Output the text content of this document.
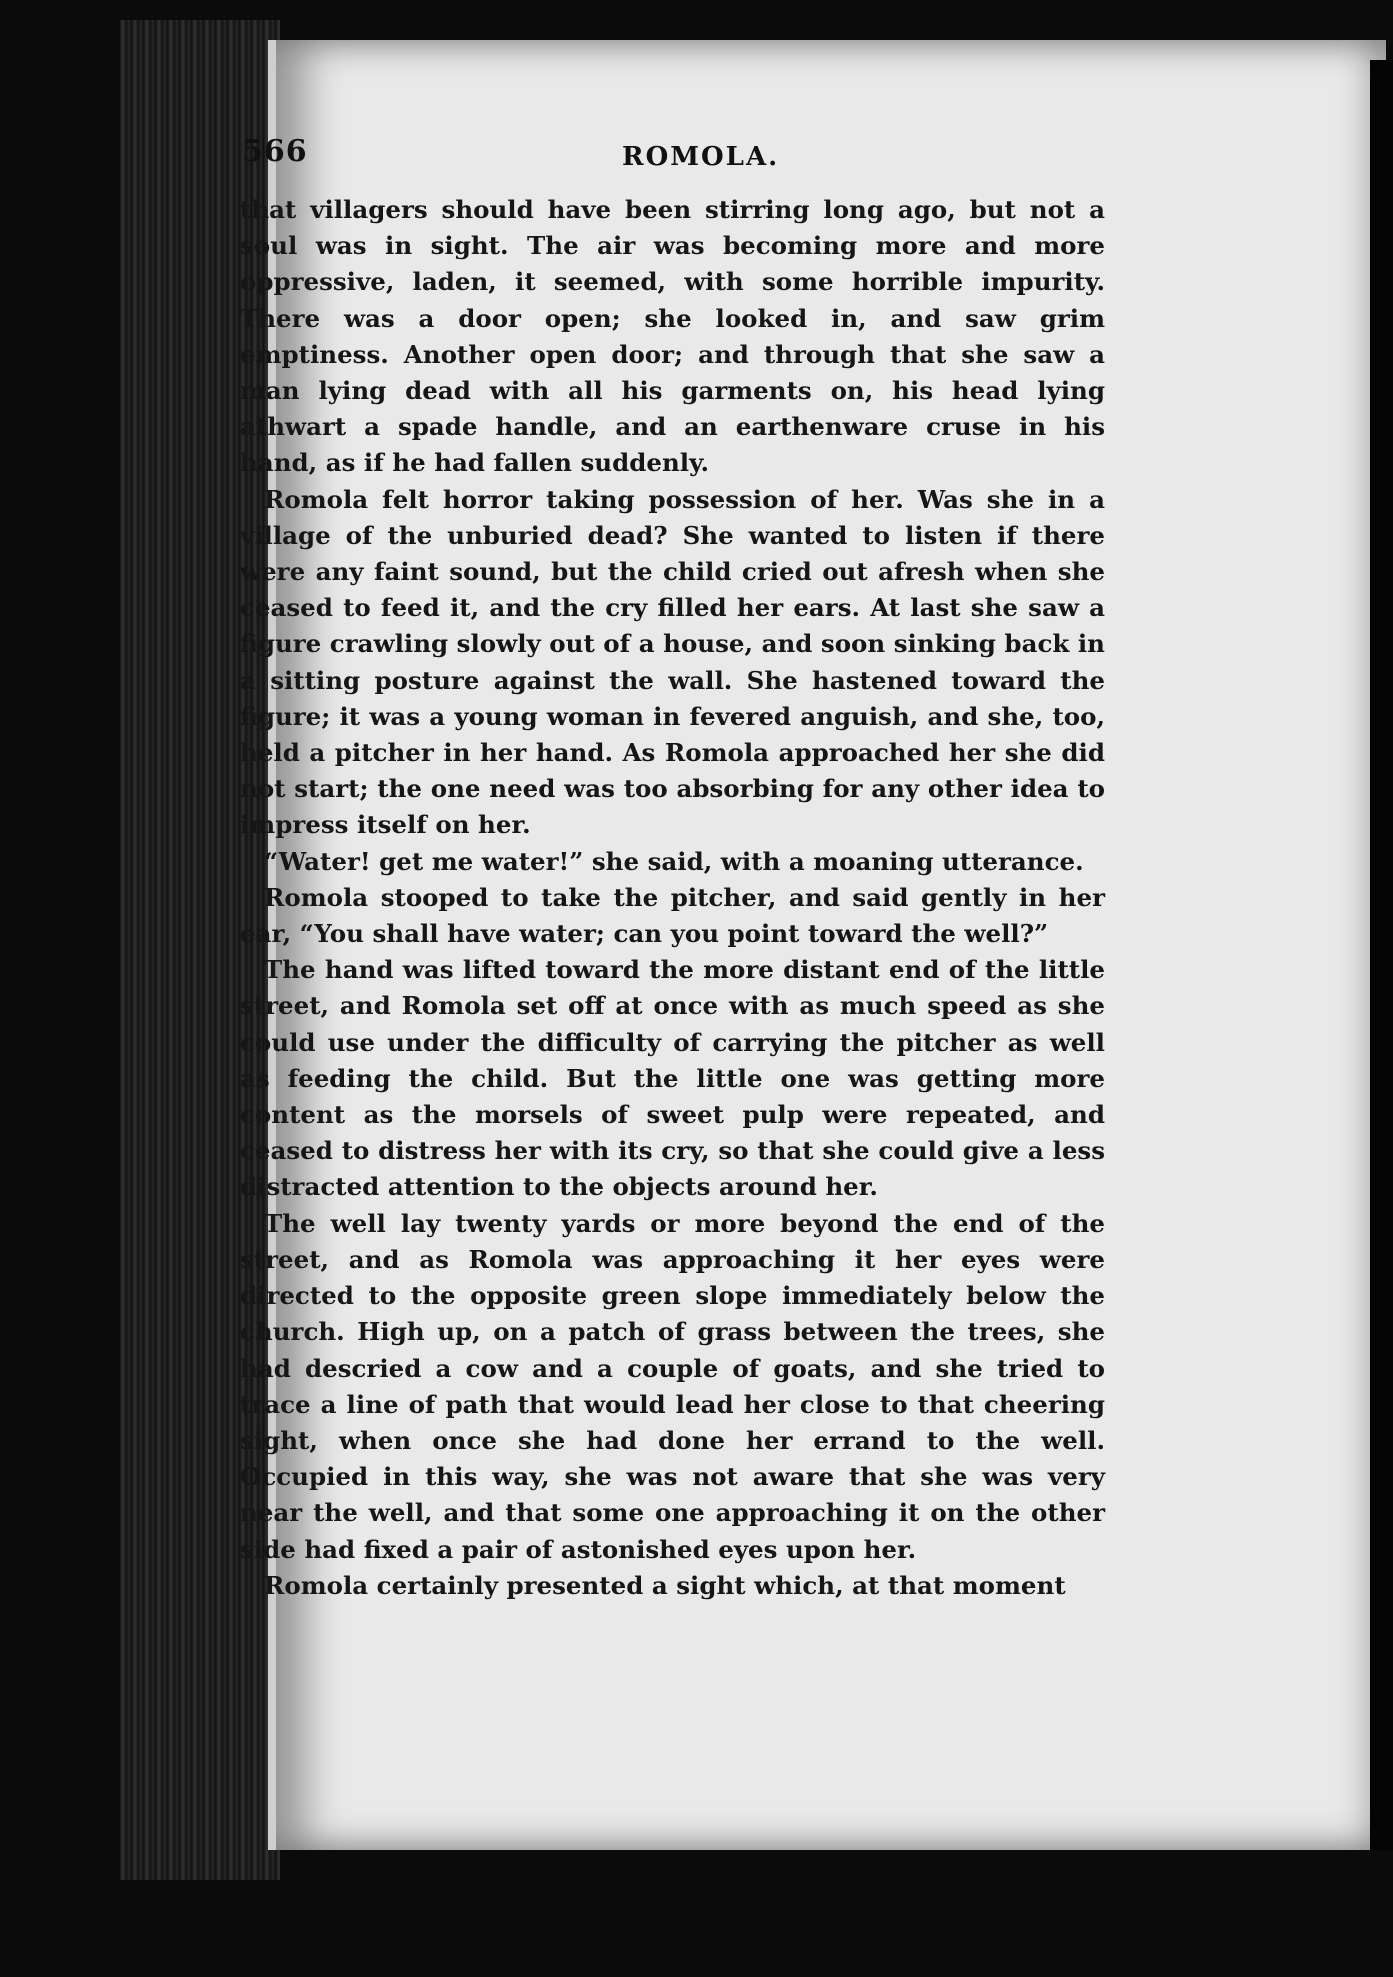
566	ROMOLA.

that villagers should have been stirring long ago, but not a soul was in sight. The air was becoming more and more oppressive, laden, it seemed, with some horrible impurity. There was a door open; she looked in, and saw grim emptiness. Another open door; and through that she saw a man lying dead with all his garments on, his head lying athwart a spade handle, and an earthenware cruse in his hand, as if he had fallen suddenly.

Romola felt horror taking possession of her. Was she in a village of the unburied dead? She wanted to listen if there were any faint sound, but the child cried out afresh when she ceased to feed it, and the cry filled her ears. At last she saw a figure crawling slowly out of a house, and soon sinking back in a sitting posture against the wall. She hastened toward the figure; it was a young woman in fevered anguish, and she, too, held a pitcher in her hand. As Romola approached her she did not start; the one need was too absorbing for any other idea to impress itself on her.

“Water! get me water!” she said, with a moaning utterance.

Romola stooped to take the pitcher, and said gently in her ear, “You shall have water; can you point toward the well?”

The hand was lifted toward the more distant end of the little street, and Romola set off at once with as much speed as she could use under the difficulty of carrying the pitcher as well as feeding the child. But the little one was getting more content as the morsels of sweet pulp were repeated, and ceased to distress her with its cry, so that she could give a less distracted attention to the objects around her.

The well lay twenty yards or more beyond the end of the street, and as Romola was approaching it her eyes were directed to the opposite green slope immediately below the church. High up, on a patch of grass between the trees, she had descried a cow and a couple of goats, and she tried to trace a line of path that would lead her close to that cheering sight, when once she had done her errand to the well. Occupied in this way, she was not aware that she was very near the well, and that some one approaching it on the other side had fixed a pair of astonished eyes upon her.

Romola certainly presented a sight which, at that moment
